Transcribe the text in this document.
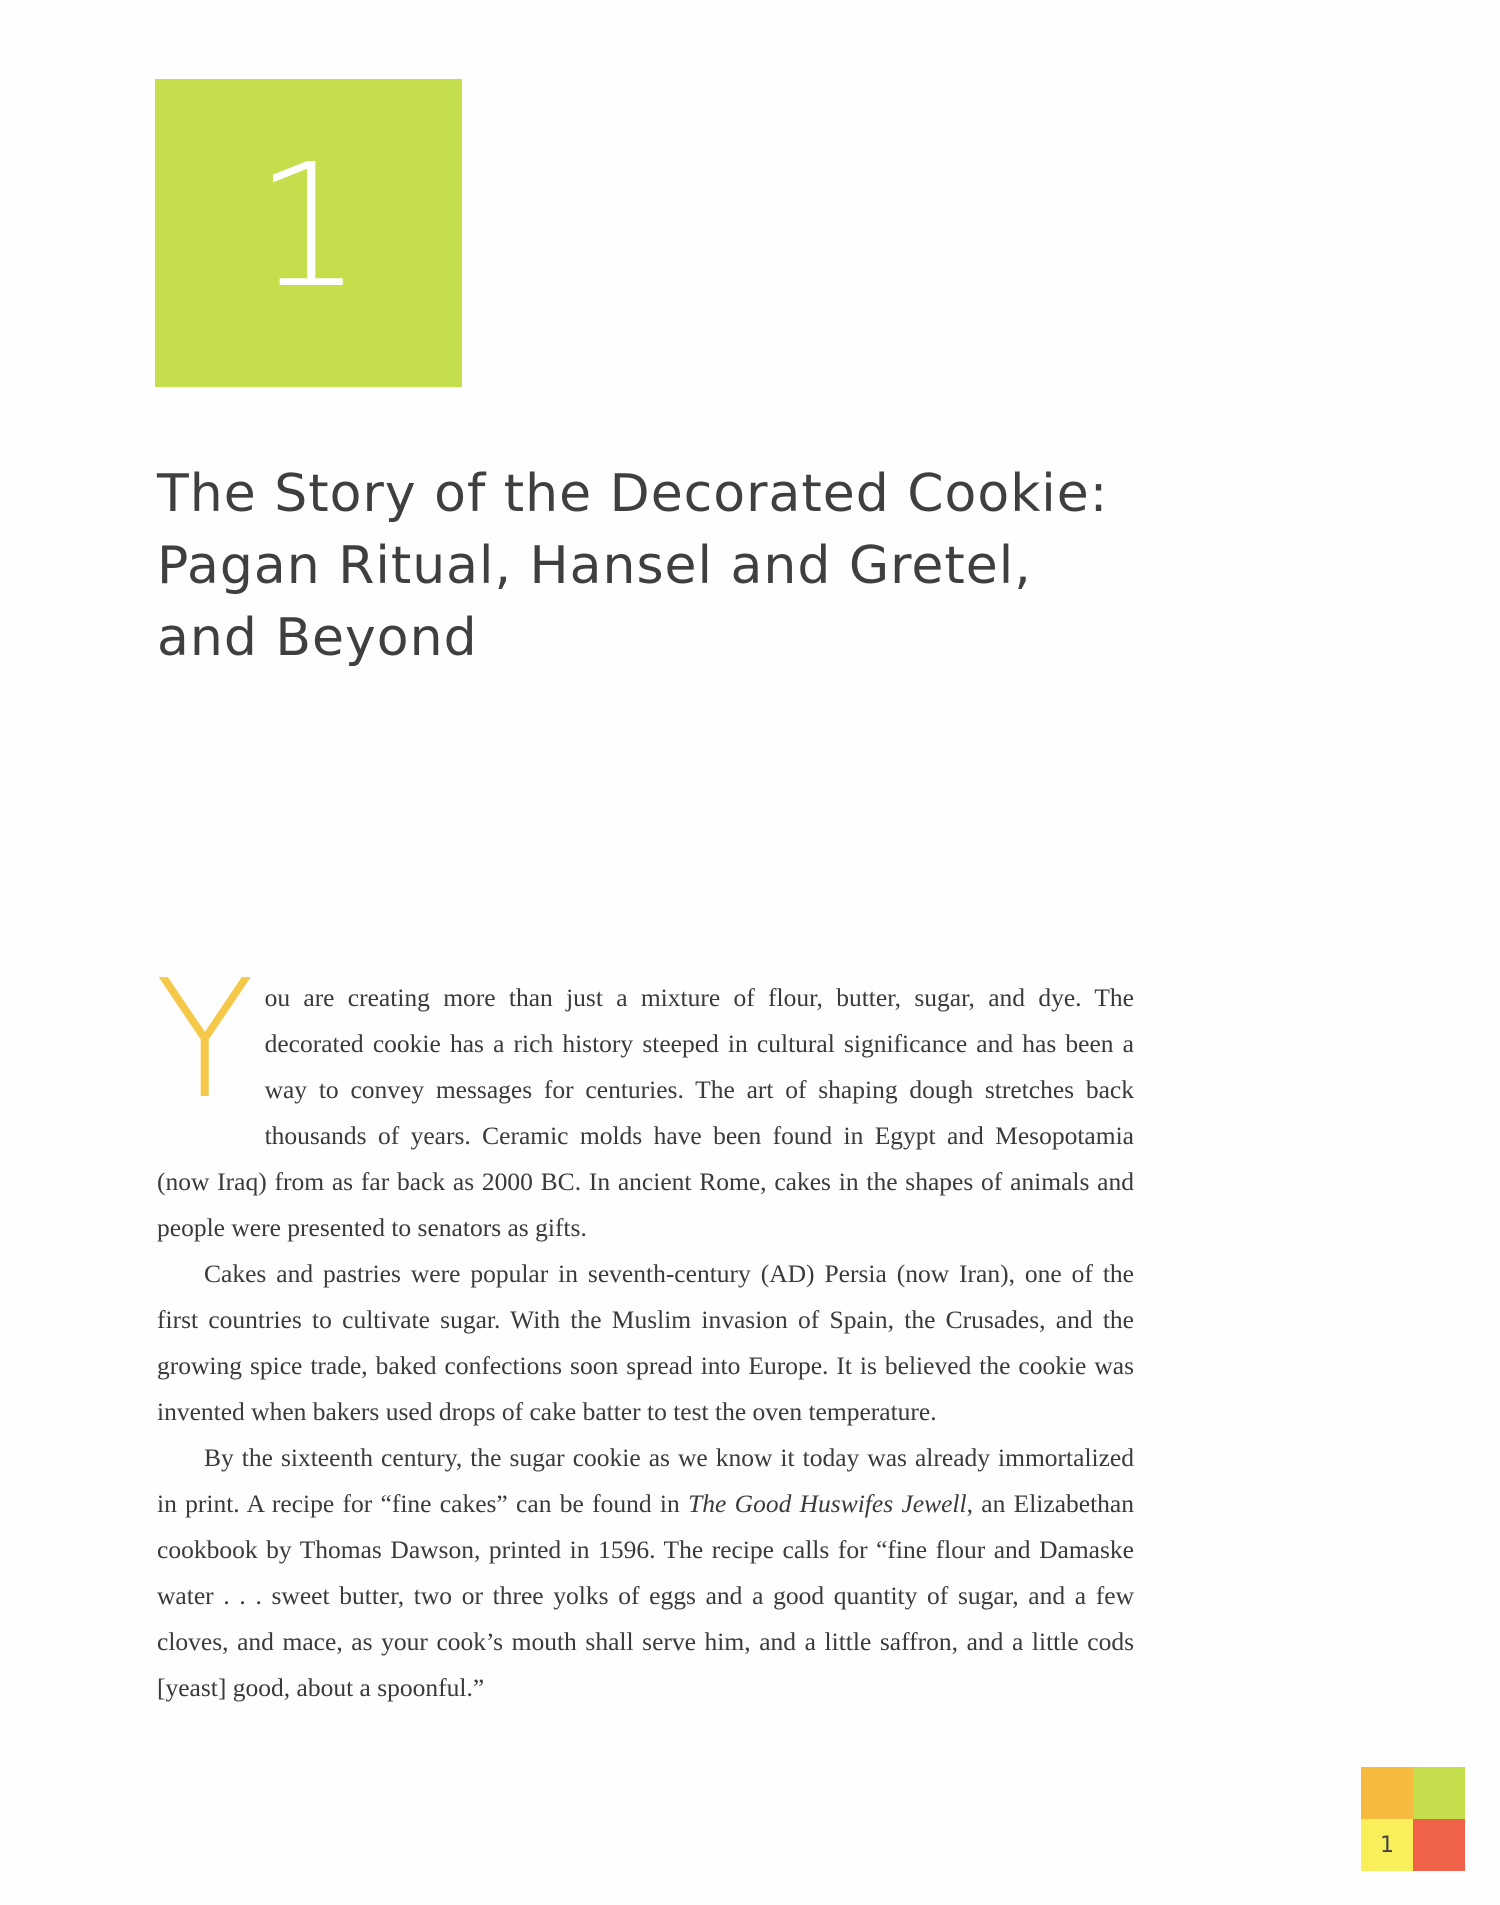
1
The Story of the Decorated Cookie:
Pagan Ritual, Hansel and Gretel,
and Beyond

You are creating more than just a mixture of flour, butter, sugar, and dye. The decorated cookie has a rich history steeped in cultural significance and has been a way to convey messages for centuries. The art of shaping dough stretches back thousands of years. Ceramic molds have been found in Egypt and Mesopotamia (now Iraq) from as far back as 2000 BC. In ancient Rome, cakes in the shapes of animals and people were presented to senators as gifts.

Cakes and pastries were popular in seventh-century (AD) Persia (now Iran), one of the first countries to cultivate sugar. With the Muslim invasion of Spain, the Crusades, and the growing spice trade, baked confections soon spread into Europe. It is believed the cookie was invented when bakers used drops of cake batter to test the oven temperature.

By the sixteenth century, the sugar cookie as we know it today was already immortalized in print. A recipe for “fine cakes” can be found in The Good Huswifes Jewell, an Elizabethan cookbook by Thomas Dawson, printed in 1596. The recipe calls for “fine flour and Damaske water . . . sweet butter, two or three yolks of eggs and a good quantity of sugar, and a few cloves, and mace, as your cook’s mouth shall serve him, and a little saffron, and a little cods [yeast] good, about a spoonful.”

1
